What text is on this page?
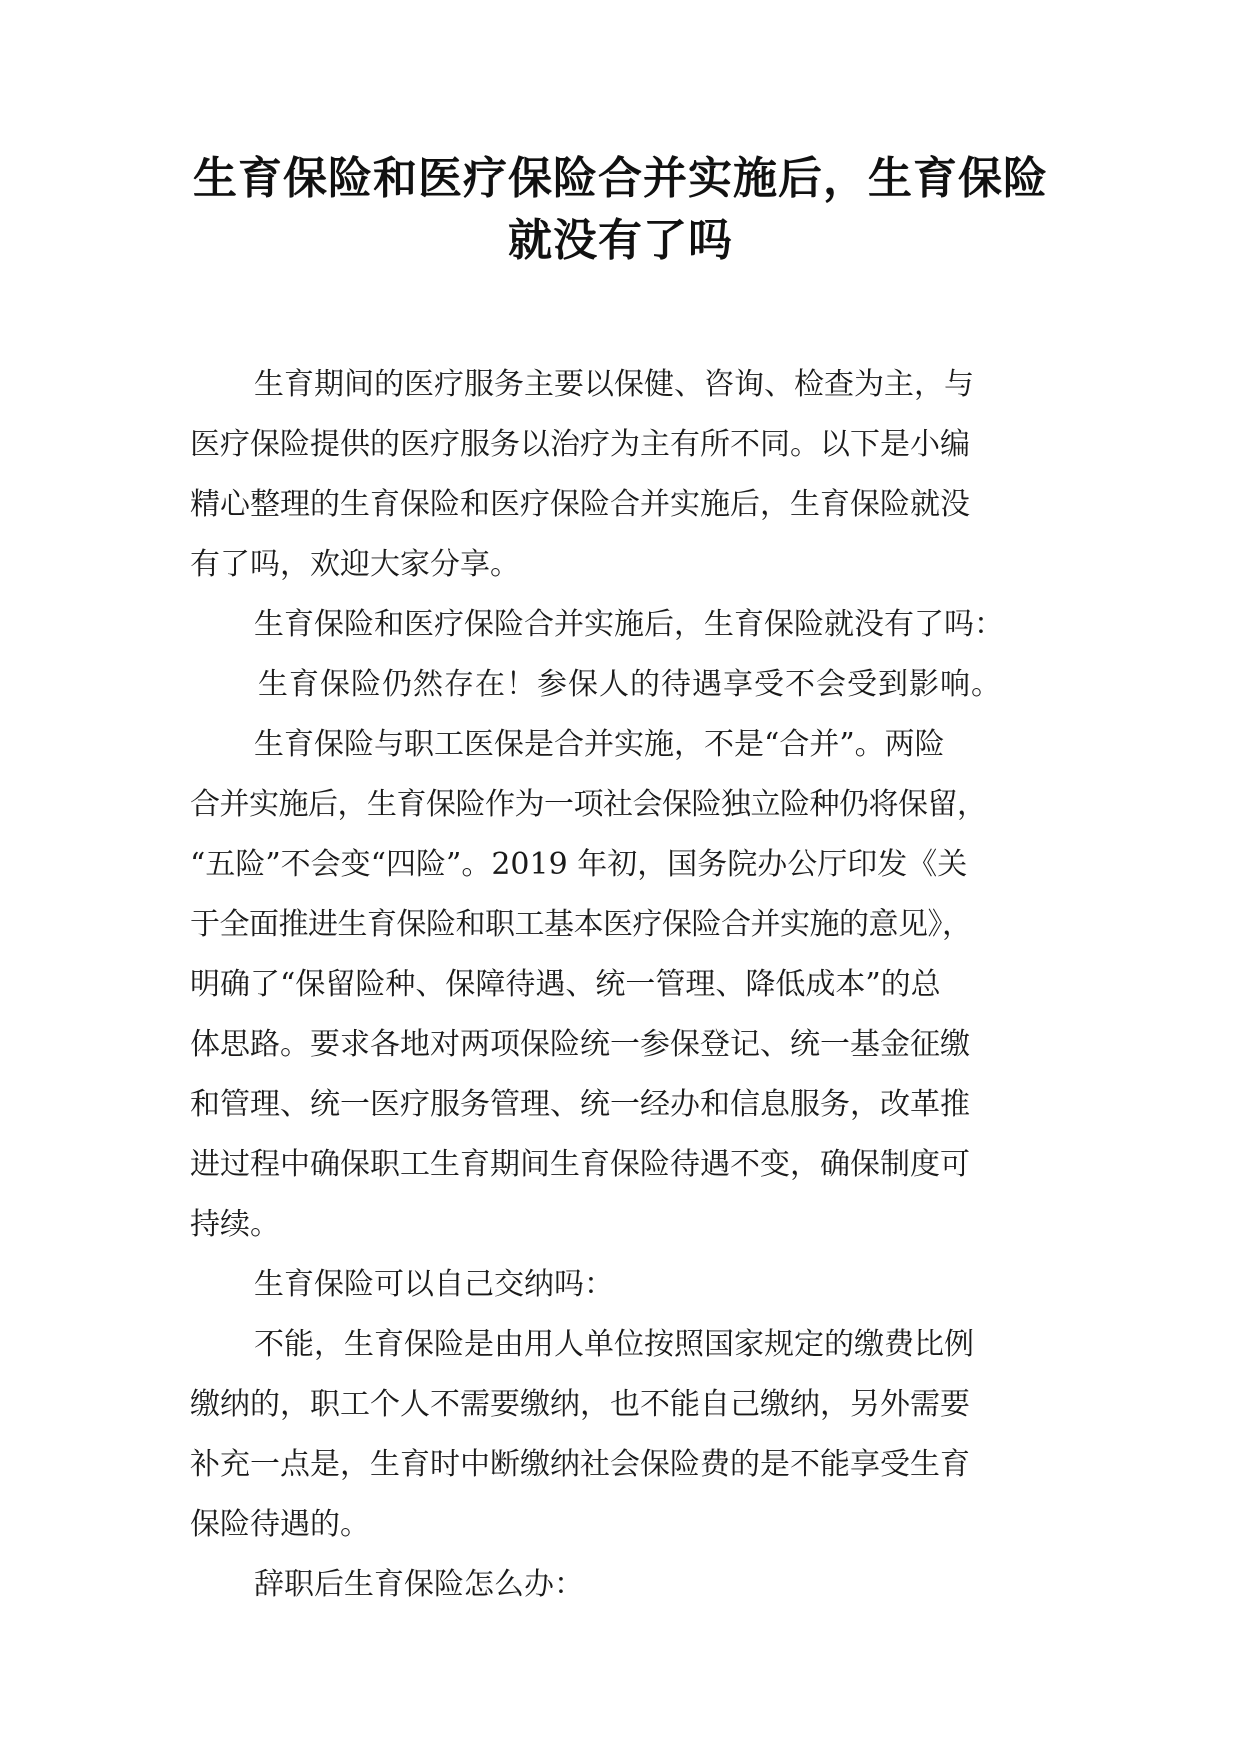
生育保险和医疗保险合并实施后，生育保险
就没有了吗
生育期间的医疗服务主要以保健、咨询、检查为主，与
医疗保险提供的医疗服务以治疗为主有所不同。以下是小编
精心整理的生育保险和医疗保险合并实施后，生育保险就没
有了吗，欢迎大家分享。
生育保险和医疗保险合并实施后，生育保险就没有了吗：
生育保险仍然存在！参保人的待遇享受不会受到影响。
生育保险与职工医保是合并实施，不是“合并”。两险
合并实施后，生育保险作为一项社会保险独立险种仍将保留，
“五险”不会变“四险”。2019 年初，国务院办公厅印发《关
于全面推进生育保险和职工基本医疗保险合并实施的意见》，
明确了“保留险种、保障待遇、统一管理、降低成本”的总
体思路。要求各地对两项保险统一参保登记、统一基金征缴
和管理、统一医疗服务管理、统一经办和信息服务，改革推
进过程中确保职工生育期间生育保险待遇不变，确保制度可
持续。
生育保险可以自己交纳吗：
不能，生育保险是由用人单位按照国家规定的缴费比例
缴纳的，职工个人不需要缴纳，也不能自己缴纳，另外需要
补充一点是，生育时中断缴纳社会保险费的是不能享受生育
保险待遇的。
辞职后生育保险怎么办：
